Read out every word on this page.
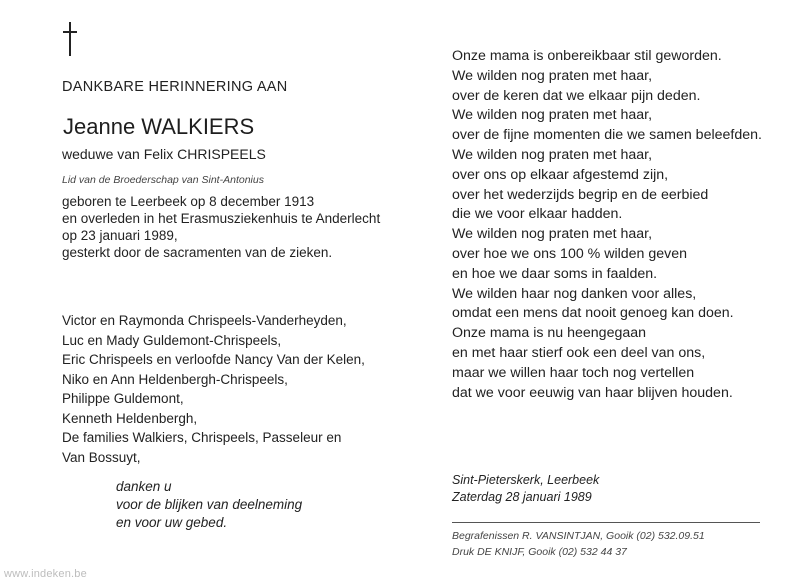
DANKBARE HERINNERING AAN
Jeanne WALKIERS
weduwe van Felix CHRISPEELS
Lid van de Broederschap van Sint-Antonius
geboren te Leerbeek op 8 december 1913
en overleden in het Erasmusziekenhuis te Anderlecht
op 23 januari 1989,
gesterkt door de sacramenten van de zieken.
Victor en Raymonda Chrispeels-Vanderheyden,
Luc en Mady Guldemont-Chrispeels,
Eric Chrispeels en verloofde Nancy Van der Kelen,
Niko en Ann Heldenbergh-Chrispeels,
Philippe Guldemont,
Kenneth Heldenbergh,
De families Walkiers, Chrispeels, Passeleur en
Van Bossuyt,
danken u
voor de blijken van deelneming
en voor uw gebed.
Onze mama is onbereikbaar stil geworden.
We wilden nog praten met haar,
over de keren dat we elkaar pijn deden.
We wilden nog praten met haar,
over de fijne momenten die we samen beleefden.
We wilden nog praten met haar,
over ons op elkaar afgestemd zijn,
over het wederzijds begrip en de eerbied
die we voor elkaar hadden.
We wilden nog praten met haar,
over hoe we ons 100 % wilden geven
en hoe we daar soms in faalden.
We wilden haar nog danken voor alles,
omdat een mens dat nooit genoeg kan doen.
Onze mama is nu heengegaan
en met haar stierf ook een deel van ons,
maar we willen haar toch nog vertellen
dat we voor eeuwig van haar blijven houden.
Sint-Pieterskerk, Leerbeek
Zaterdag 28 januari 1989
Begrafenissen R. VANSINTJAN, Gooik (02) 532.09.51
Druk DE KNIJF, Gooik (02) 532 44 37
www.indeken.be
